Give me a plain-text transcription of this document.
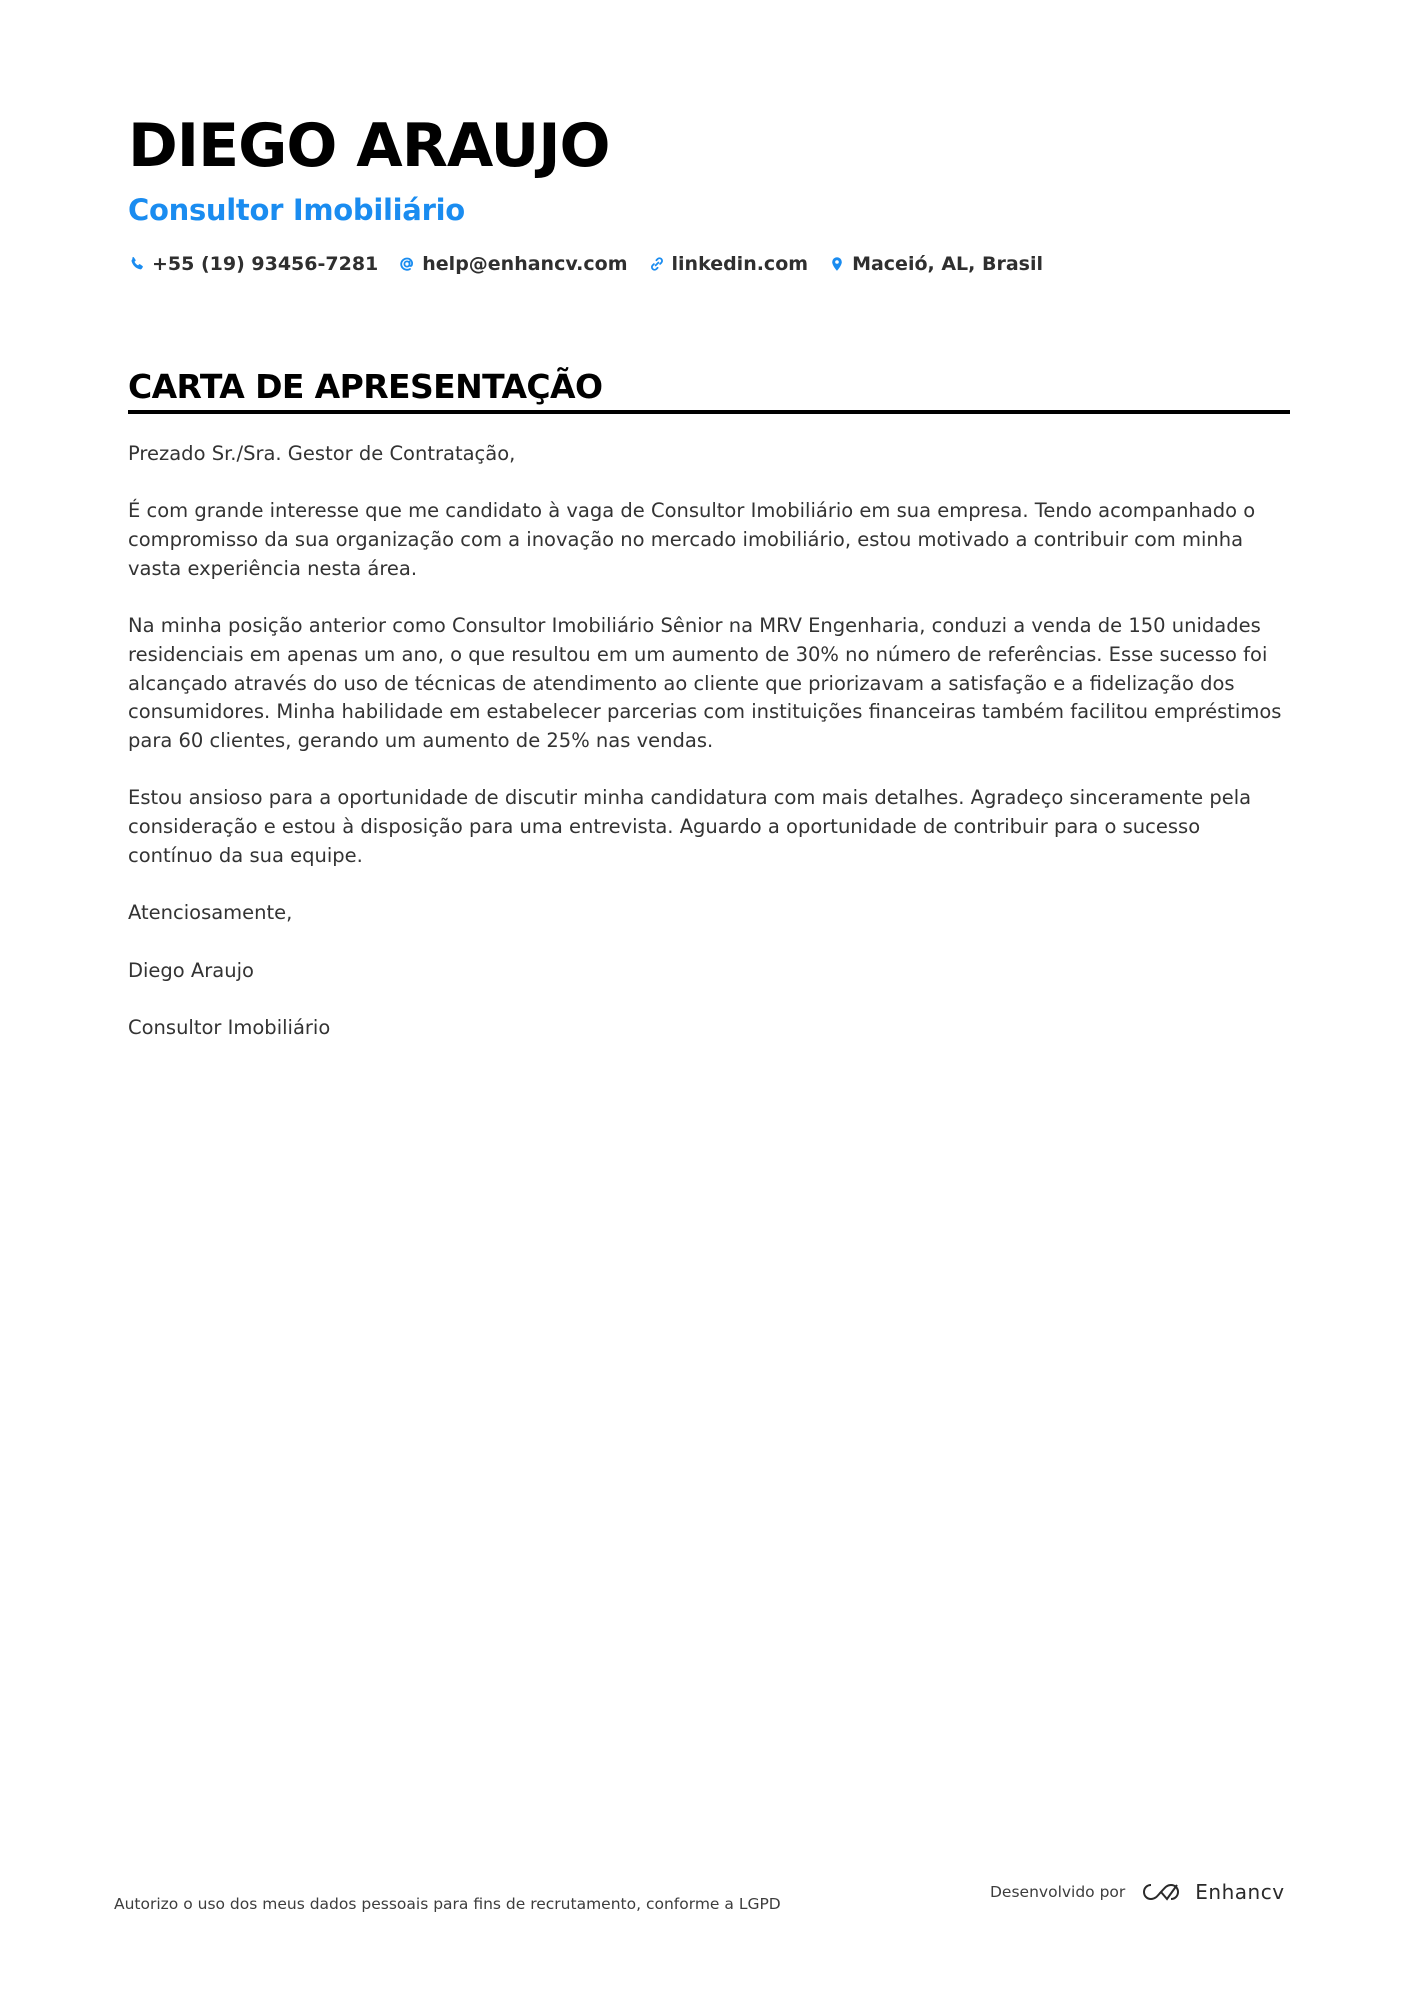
DIEGO ARAUJO
Consultor Imobiliário
+55 (19) 93456-7281 help@enhancv.com linkedin.com Maceió, AL, Brasil
CARTA DE APRESENTAÇÃO

Prezado Sr./Sra. Gestor de Contratação,

É com grande interesse que me candidato à vaga de Consultor Imobiliário em sua empresa. Tendo acompanhado o compromisso da sua organização com a inovação no mercado imobiliário, estou motivado a contribuir com minha vasta experiência nesta área.

Na minha posição anterior como Consultor Imobiliário Sênior na MRV Engenharia, conduzi a venda de 150 unidades residenciais em apenas um ano, o que resultou em um aumento de 30% no número de referências. Esse sucesso foi alcançado através do uso de técnicas de atendimento ao cliente que priorizavam a satisfação e a fidelização dos consumidores. Minha habilidade em estabelecer parcerias com instituições financeiras também facilitou empréstimos para 60 clientes, gerando um aumento de 25% nas vendas.

Estou ansioso para a oportunidade de discutir minha candidatura com mais detalhes. Agradeço sinceramente pela consideração e estou à disposição para uma entrevista. Aguardo a oportunidade de contribuir para o sucesso contínuo da sua equipe.

Atenciosamente,

Diego Araujo

Consultor Imobiliário

Autorizo o uso dos meus dados pessoais para fins de recrutamento, conforme a LGPD
Desenvolvido por	Enhancv
